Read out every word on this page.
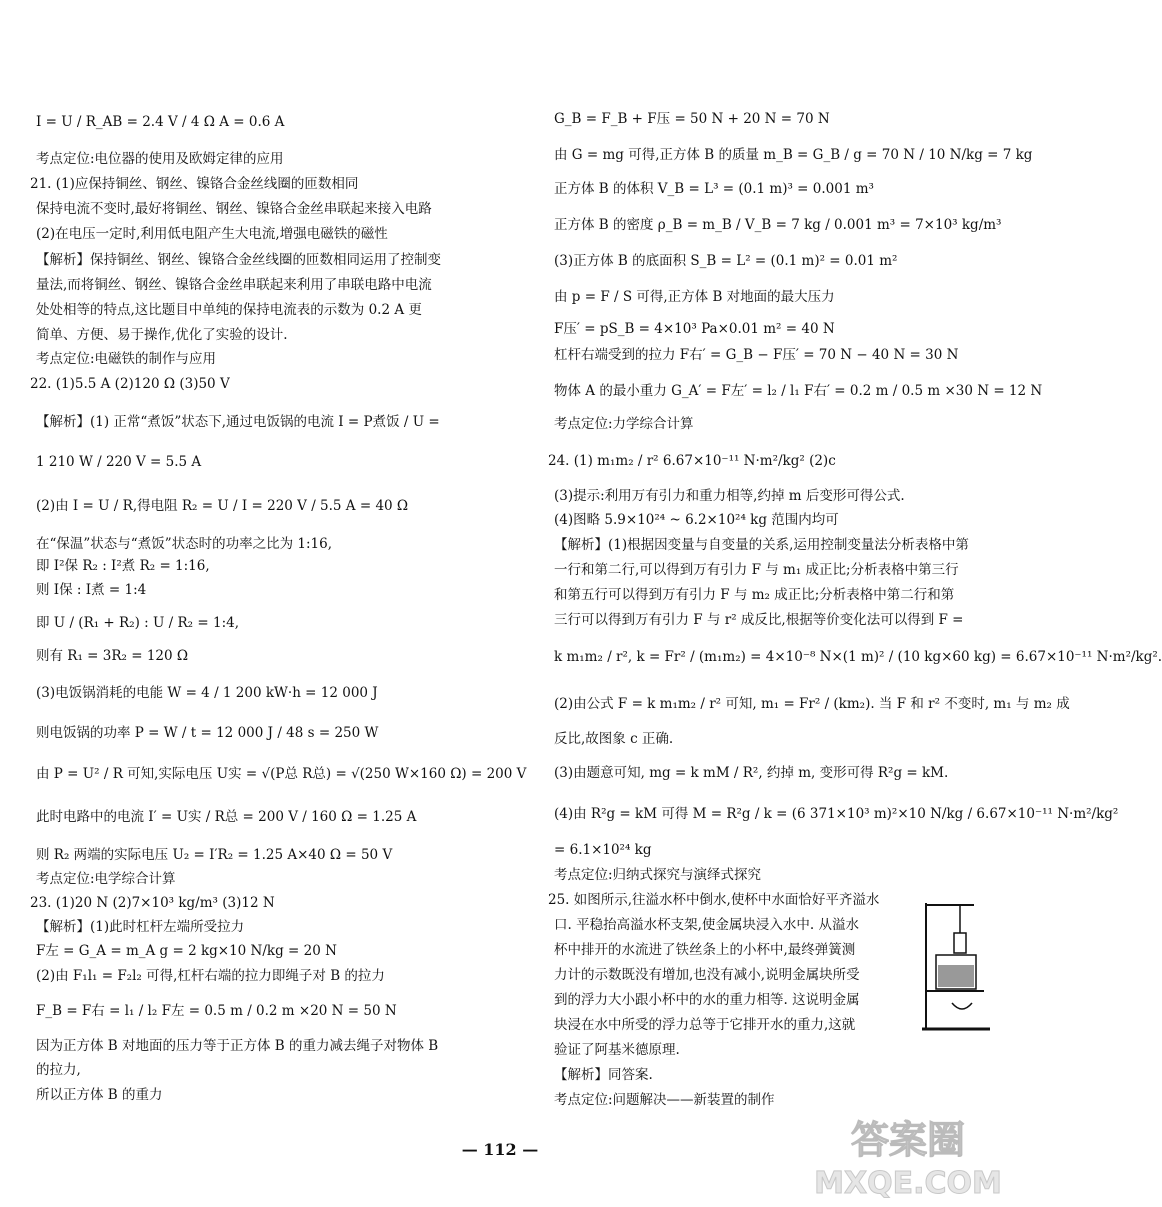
I = U / R_AB = 2.4 V / 4 Ω A = 0.6 A
考点定位:电位器的使用及欧姆定律的应用
21. (1)应保持铜丝、钢丝、镍铬合金丝线圈的匝数相同
保持电流不变时,最好将铜丝、钢丝、镍铬合金丝串联起来接入电路
(2)在电压一定时,利用低电阻产生大电流,增强电磁铁的磁性
【解析】保持铜丝、钢丝、镍铬合金丝线圈的匝数相同运用了控制变
量法,而将铜丝、钢丝、镍铬合金丝串联起来利用了串联电路中电流
处处相等的特点,这比题目中单纯的保持电流表的示数为 0.2 A 更
简单、方便、易于操作,优化了实验的设计.
考点定位:电磁铁的制作与应用
22. (1)5.5 A (2)120 Ω (3)50 V
【解析】(1) 正常“煮饭”状态下,通过电饭锅的电流 I = P煮饭 / U =
1 210 W / 220 V = 5.5 A
(2)由 I = U / R,得电阻 R₂ = U / I = 220 V / 5.5 A = 40 Ω
在“保温”状态与“煮饭”状态时的功率之比为 1:16,
即 I²保 R₂ : I²煮 R₂ = 1:16,
则 I保 : I煮 = 1:4
即 U / (R₁ + R₂) : U / R₂ = 1:4,
则有 R₁ = 3R₂ = 120 Ω
(3)电饭锅消耗的电能 W = 4 / 1 200 kW·h = 12 000 J
则电饭锅的功率 P = W / t = 12 000 J / 48 s = 250 W
由 P = U² / R 可知,实际电压 U实 = √(P总 R总) = √(250 W×160 Ω) = 200 V
此时电路中的电流 I′ = U实 / R总 = 200 V / 160 Ω = 1.25 A
则 R₂ 两端的实际电压 U₂ = I′R₂ = 1.25 A×40 Ω = 50 V
考点定位:电学综合计算
23. (1)20 N (2)7×10³ kg/m³ (3)12 N
【解析】(1)此时杠杆左端所受拉力
F左 = G_A = m_A g = 2 kg×10 N/kg = 20 N
(2)由 F₁l₁ = F₂l₂ 可得,杠杆右端的拉力即绳子对 B 的拉力
F_B = F右 = l₁ / l₂ F左 = 0.5 m / 0.2 m ×20 N = 50 N
因为正方体 B 对地面的压力等于正方体 B 的重力减去绳子对物体 B
的拉力,
所以正方体 B 的重力
G_B = F_B + F压 = 50 N + 20 N = 70 N
由 G = mg 可得,正方体 B 的质量 m_B = G_B / g = 70 N / 10 N/kg = 7 kg
正方体 B 的体积 V_B = L³ = (0.1 m)³ = 0.001 m³
正方体 B 的密度 ρ_B = m_B / V_B = 7 kg / 0.001 m³ = 7×10³ kg/m³
(3)正方体 B 的底面积 S_B = L² = (0.1 m)² = 0.01 m²
由 p = F / S 可得,正方体 B 对地面的最大压力
F压′ = pS_B = 4×10³ Pa×0.01 m² = 40 N
杠杆右端受到的拉力 F右′ = G_B − F压′ = 70 N − 40 N = 30 N
物体 A 的最小重力 G_A′ = F左′ = l₂ / l₁ F右′ = 0.2 m / 0.5 m ×30 N = 12 N
考点定位:力学综合计算
24. (1) m₁m₂ / r² 6.67×10⁻¹¹ N·m²/kg² (2)c
(3)提示:利用万有引力和重力相等,约掉 m 后变形可得公式.
(4)图略 5.9×10²⁴ ~ 6.2×10²⁴ kg 范围内均可
【解析】(1)根据因变量与自变量的关系,运用控制变量法分析表格中第
一行和第二行,可以得到万有引力 F 与 m₁ 成正比;分析表格中第三行
和第五行可以得到万有引力 F 与 m₂ 成正比;分析表格中第二行和第
三行可以得到万有引力 F 与 r² 成反比,根据等价变化法可以得到 F =
k m₁m₂ / r², k = Fr² / (m₁m₂) = 4×10⁻⁸ N×(1 m)² / (10 kg×60 kg) = 6.67×10⁻¹¹ N·m²/kg².
(2)由公式 F = k m₁m₂ / r² 可知, m₁ = Fr² / (km₂). 当 F 和 r² 不变时, m₁ 与 m₂ 成
反比,故图象 c 正确.
(3)由题意可知, mg = k mM / R², 约掉 m, 变形可得 R²g = kM.
(4)由 R²g = kM 可得 M = R²g / k = (6 371×10³ m)²×10 N/kg / 6.67×10⁻¹¹ N·m²/kg²
= 6.1×10²⁴ kg
考点定位:归纳式探究与演绎式探究
25. 如图所示,往溢水杯中倒水,使杯中水面恰好平齐溢水
口. 平稳抬高溢水杯支架,使金属块浸入水中. 从溢水
杯中排开的水流进了铁丝条上的小杯中,最终弹簧测
力计的示数既没有增加,也没有减小,说明金属块所受
到的浮力大小跟小杯中的水的重力相等. 这说明金属
块浸在水中所受的浮力总等于它排开水的重力,这就
验证了阿基米德原理.
【解析】同答案.
考点定位:问题解决——新装置的制作
— 112 —	答案圈
MXQE.COM
